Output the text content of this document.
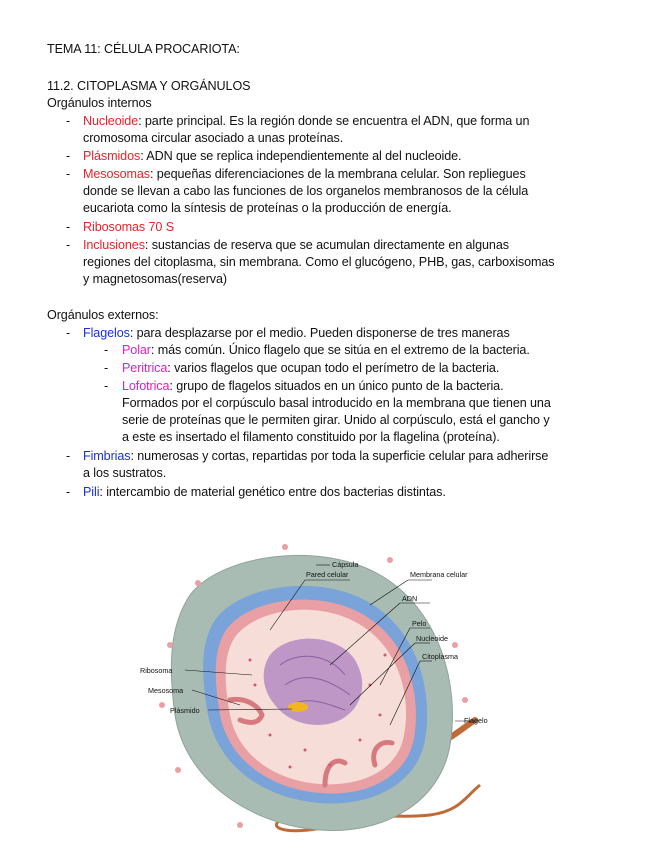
TEMA 11: CÉLULA PROCARIOTA:
11.2. CITOPLASMA Y ORGÁNULOS
Orgánulos internos
- Nucleoide: parte principal. Es la región donde se encuentra el ADN, que forma un
cromosoma circular asociado a unas proteínas.
- Plásmidos: ADN que se replica independientemente al del nucleoide.
- Mesosomas: pequeñas diferenciaciones de la membrana celular. Son repliegues
donde se llevan a cabo las funciones de los organelos membranosos de la célula
eucariota como la síntesis de proteínas o la producción de energía.
- Ribosomas 70 S
- Inclusiones: sustancias de reserva que se acumulan directamente en algunas
regiones del citoplasma, sin membrana. Como el glucógeno, PHB, gas, carboxisomas
y magnetosomas(reserva)
Orgánulos externos:
- Flagelos: para desplazarse por el medio. Pueden disponerse de tres maneras
- Polar: más común. Único flagelo que se sitúa en el extremo de la bacteria.
- Peritrica: varios flagelos que ocupan todo el perímetro de la bacteria.
- Lofotrica: grupo de flagelos situados en un único punto de la bacteria.
Formados por el corpúsculo basal introducido en la membrana que tienen una
serie de proteínas que le permiten girar. Unido al corpúsculo, está el gancho y
a este es insertado el filamento constituido por la flagelina (proteína).
- Fimbrias: numerosas y cortas, repartidas por toda la superficie celular para adherirse
a los sustratos.
- Pili: intercambio de material genético entre dos bacterias distintas.
Cápsula
Pared celular	Membrana celular
ADN
Pelo
Nucleoide
Citoplasma
Ribosoma
Mesosoma
Plásmido
Flagelo
